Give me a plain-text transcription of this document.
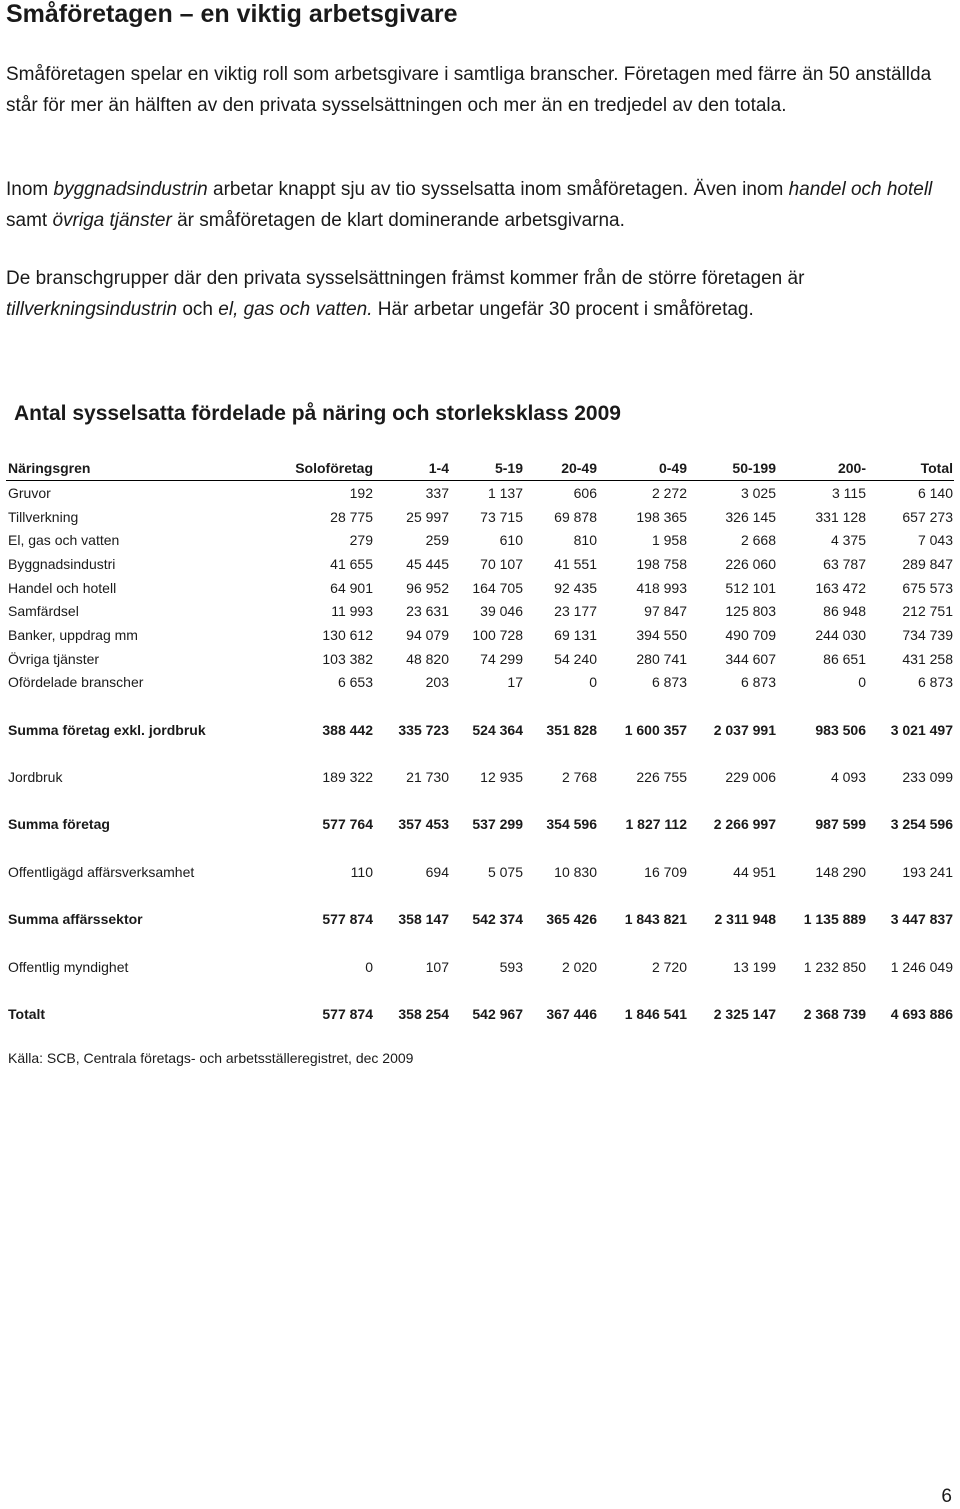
Småföretagen – en viktig arbetsgivare

Småföretagen spelar en viktig roll som arbetsgivare i samtliga branscher. Företagen med färre än 50 anställda står för mer än hälften av den privata sysselsättningen och mer än en tredjedel av den totala.

Inom byggnadsindustrin arbetar knappt sju av tio sysselsatta inom småföretagen. Även inom handel och hotell samt övriga tjänster är småföretagen de klart dominerande arbetsgivarna.

De branschgrupper där den privata sysselsättningen främst kommer från de större företagen är tillverkningsindustrin och el, gas och vatten. Här arbetar ungefär 30 procent i småföretag.

Antal sysselsatta fördelade på näring och storleksklass 2009
Näringsgren	Soloföretag	1-4	5-19	20-49	0-49	50-199	200-	Total
Gruvor	192	337	1 137	606	2 272	3 025	3 115	6 140
Tillverkning	28 775	25 997	73 715	69 878	198 365	326 145	331 128	657 273
El, gas och vatten	279	259	610	810	1 958	2 668	4 375	7 043
Byggnadsindustri	41 655	45 445	70 107	41 551	198 758	226 060	63 787	289 847
Handel och hotell	64 901	96 952	164 705	92 435	418 993	512 101	163 472	675 573
Samfärdsel	11 993	23 631	39 046	23 177	97 847	125 803	86 948	212 751
Banker, uppdrag mm	130 612	94 079	100 728	69 131	394 550	490 709	244 030	734 739
Övriga tjänster	103 382	48 820	74 299	54 240	280 741	344 607	86 651	431 258
Ofördelade branscher	6 653	203	17	0	6 873	6 873	0	6 873

Summa företag exkl. jordbruk	388 442	335 723	524 364	351 828	1 600 357	2 037 991	983 506	3 021 497

Jordbruk	189 322	21 730	12 935	2 768	226 755	229 006	4 093	233 099

Summa företag	577 764	357 453	537 299	354 596	1 827 112	2 266 997	987 599	3 254 596

Offentligägd affärsverksamhet	110	694	5 075	10 830	16 709	44 951	148 290	193 241

Summa affärssektor	577 874	358 147	542 374	365 426	1 843 821	2 311 948	1 135 889	3 447 837

Offentlig myndighet	0	107	593	2 020	2 720	13 199	1 232 850	1 246 049

Totalt	577 874	358 254	542 967	367 446	1 846 541	2 325 147	2 368 739	4 693 886

Källa: SCB, Centrala företags- och arbetsställeregistret, dec 2009

6
